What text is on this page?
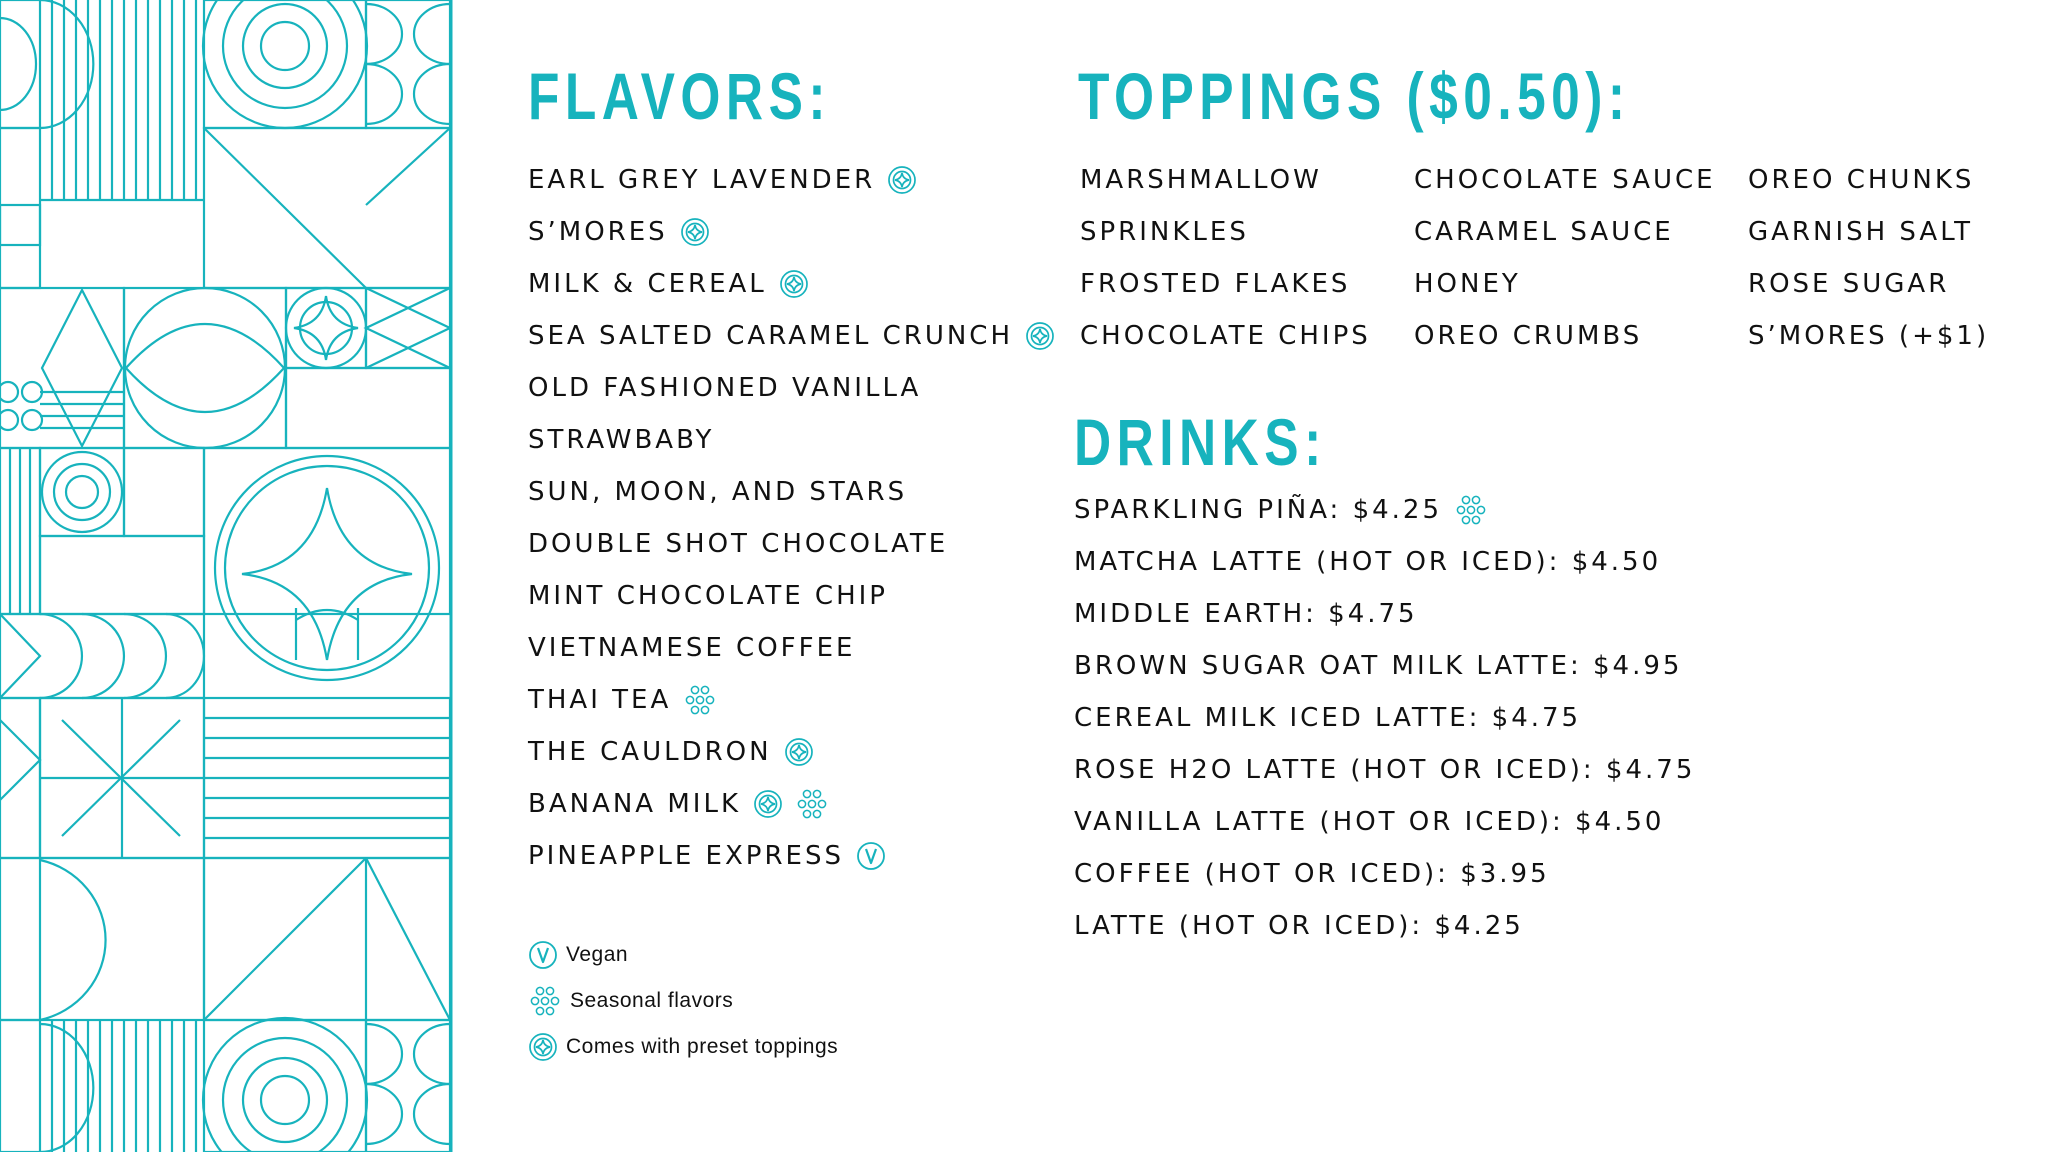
FLAVORS:
EARL GREY LAVENDER
S’MORES
MILK & CEREAL
SEA SALTED CARAMEL CRUNCH
OLD FASHIONED VANILLA
STRAWBABY
SUN, MOON, AND STARS
DOUBLE SHOT CHOCOLATE
MINT CHOCOLATE CHIP
VIETNAMESE COFFEE
THAI TEA
THE CAULDRON
BANANA MILK
PINEAPPLE EXPRESS
TOPPINGS ($0.50):
MARSHMALLOW
SPRINKLES
FROSTED FLAKES
CHOCOLATE CHIPS
CHOCOLATE SAUCE
CARAMEL SAUCE
HONEY
OREO CRUMBS
OREO CHUNKS
GARNISH SALT
ROSE SUGAR
S’MORES (+$1)
DRINKS:
SPARKLING PIÑA: $4.25
MATCHA LATTE (HOT OR ICED): $4.50
MIDDLE EARTH: $4.75
BROWN SUGAR OAT MILK LATTE: $4.95
CEREAL MILK ICED LATTE: $4.75
ROSE H2O LATTE (HOT OR ICED): $4.75
VANILLA LATTE (HOT OR ICED): $4.50
COFFEE (HOT OR ICED): $3.95
LATTE (HOT OR ICED): $4.25
Vegan
Seasonal flavors
Comes with preset toppings
